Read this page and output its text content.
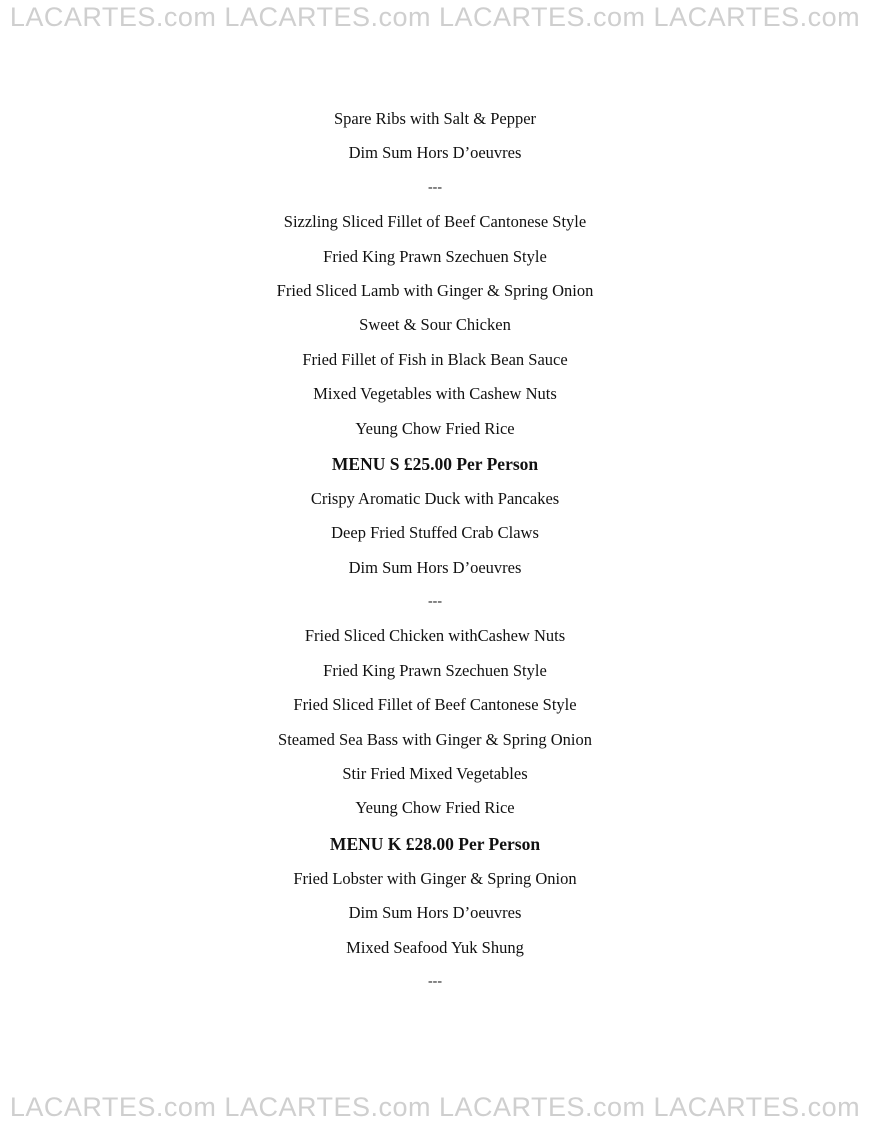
LACARTES.com LACARTES.com LACARTES.com LACARTES.com
Spare Ribs with Salt & Pepper
Dim Sum Hors D’oeuvres
---
Sizzling Sliced Fillet of Beef Cantonese Style
Fried King Prawn Szechuen Style
Fried Sliced Lamb with Ginger & Spring Onion
Sweet & Sour Chicken
Fried Fillet of Fish in Black Bean Sauce
Mixed Vegetables with Cashew Nuts
Yeung Chow Fried Rice
MENU S £25.00 Per Person
Crispy Aromatic Duck with Pancakes
Deep Fried Stuffed Crab Claws
Dim Sum Hors D’oeuvres
---
Fried Sliced Chicken withCashew Nuts
Fried King Prawn Szechuen Style
Fried Sliced Fillet of Beef Cantonese Style
Steamed Sea Bass with Ginger & Spring Onion
Stir Fried Mixed Vegetables
Yeung Chow Fried Rice
MENU K £28.00 Per Person
Fried Lobster with Ginger & Spring Onion
Dim Sum Hors D’oeuvres
Mixed Seafood Yuk Shung
---
LACARTES.com LACARTES.com LACARTES.com LACARTES.com
